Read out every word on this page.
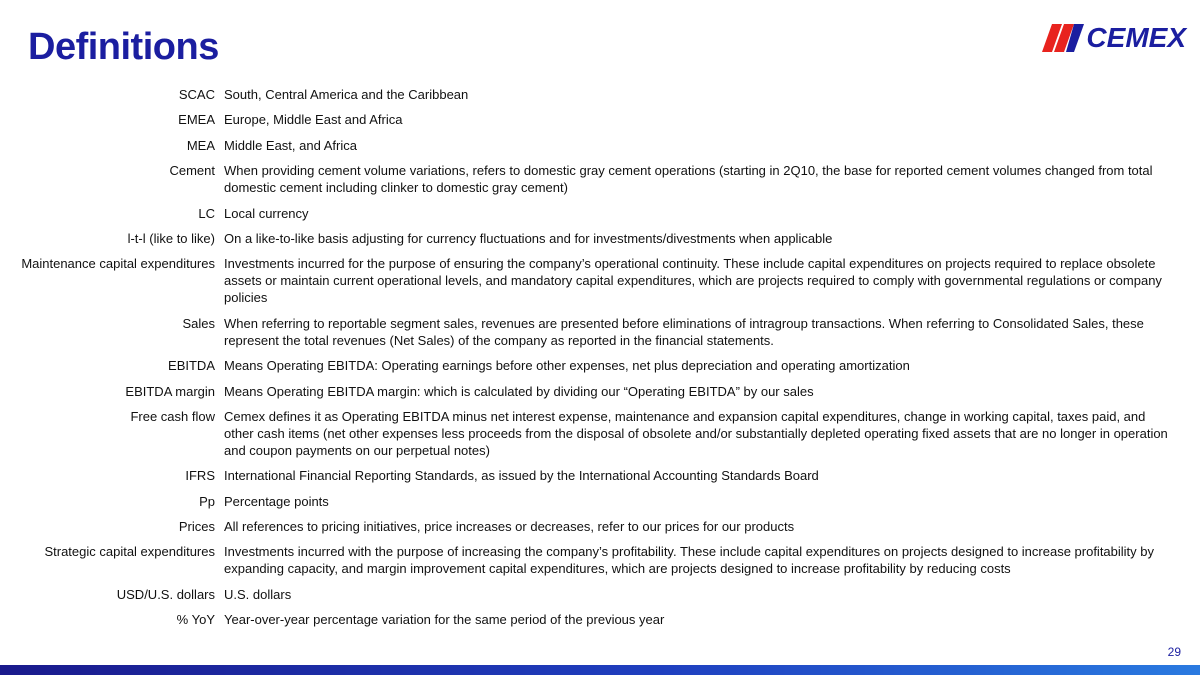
Definitions	CEMEX
SCAC South, Central America and the Caribbean
EMEA Europe, Middle East and Africa
MEA Middle East, and Africa
Cement When providing cement volume variations, refers to domestic gray cement operations (starting in 2Q10, the base for reported cement volumes changed from total domestic cement including clinker to domestic gray cement)
LC Local currency
l-t-l (like to like) On a like-to-like basis adjusting for currency fluctuations and for investments/divestments when applicable
Maintenance capital expenditures Investments incurred for the purpose of ensuring the company’s operational continuity. These include capital expenditures on projects required to replace obsolete assets or maintain current operational levels, and mandatory capital expenditures, which are projects required to comply with governmental regulations or company policies
Sales When referring to reportable segment sales, revenues are presented before eliminations of intragroup transactions. When referring to Consolidated Sales, these represent the total revenues (Net Sales) of the company as reported in the financial statements.
EBITDA Means Operating EBITDA: Operating earnings before other expenses, net plus depreciation and operating amortization
EBITDA margin Means Operating EBITDA margin: which is calculated by dividing our “Operating EBITDA” by our sales
Free cash flow Cemex defines it as Operating EBITDA minus net interest expense, maintenance and expansion capital expenditures, change in working capital, taxes paid, and other cash items (net other expenses less proceeds from the disposal of obsolete and/or substantially depleted operating fixed assets that are no longer in operation and coupon payments on our perpetual notes)
IFRS International Financial Reporting Standards, as issued by the International Accounting Standards Board
Pp Percentage points
Prices All references to pricing initiatives, price increases or decreases, refer to our prices for our products
Strategic capital expenditures Investments incurred with the purpose of increasing the company’s profitability. These include capital expenditures on projects designed to increase profitability by expanding capacity, and margin improvement capital expenditures, which are projects designed to increase profitability by reducing costs
USD/U.S. dollars U.S. dollars
% YoY Year-over-year percentage variation for the same period of the previous year
29
